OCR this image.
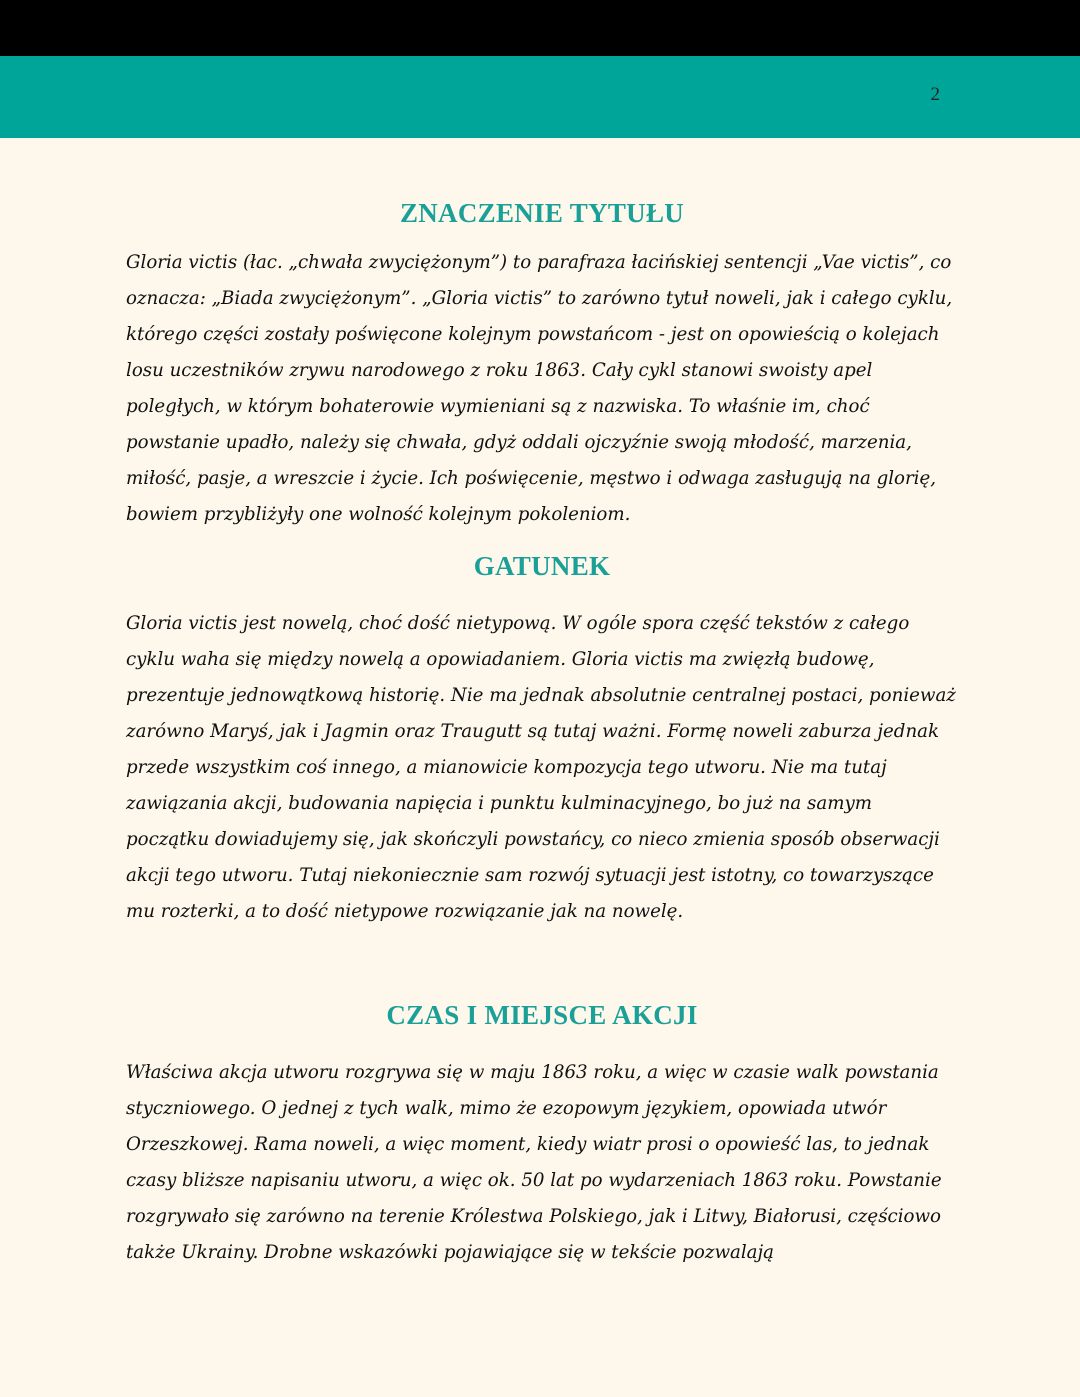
2
ZNACZENIE TYTUŁU

Gloria victis (łac. „chwała zwyciężonym”) to parafraza łacińskiej sentencji „Vae victis”, co oznacza: „Biada zwyciężonym”. „Gloria victis” to zarówno tytuł noweli, jak i całego cyklu, którego części zostały poświęcone kolejnym powstańcom - jest on opowieścią o kolejach losu uczestników zrywu narodowego z roku 1863. Cały cykl stanowi swoisty apel poległych, w którym bohaterowie wymieniani są z nazwiska. To właśnie im, choć powstanie upadło, należy się chwała, gdyż oddali ojczyźnie swoją młodość, marzenia, miłość, pasje, a wreszcie i życie. Ich poświęcenie, męstwo i odwaga zasługują na glorię, bowiem przybliżyły one wolność kolejnym pokoleniom.

GATUNEK

Gloria victis jest nowelą, choć dość nietypową. W ogóle spora część tekstów z całego cyklu waha się między nowelą a opowiadaniem. Gloria victis ma zwięzłą budowę, prezentuje jednowątkową historię. Nie ma jednak absolutnie centralnej postaci, ponieważ zarówno Maryś, jak i Jagmin oraz Traugutt są tutaj ważni. Formę noweli zaburza jednak przede wszystkim coś innego, a mianowicie kompozycja tego utworu. Nie ma tutaj zawiązania akcji, budowania napięcia i punktu kulminacyjnego, bo już na samym początku dowiadujemy się, jak skończyli powstańcy, co nieco zmienia sposób obserwacji akcji tego utworu. Tutaj niekoniecznie sam rozwój sytuacji jest istotny, co towarzyszące mu rozterki, a to dość nietypowe rozwiązanie jak na nowelę.

CZAS I MIEJSCE AKCJI

Właściwa akcja utworu rozgrywa się w maju 1863 roku, a więc w czasie walk powstania styczniowego. O jednej z tych walk, mimo że ezopowym językiem, opowiada utwór Orzeszkowej. Rama noweli, a więc moment, kiedy wiatr prosi o opowieść las, to jednak czasy bliższe napisaniu utworu, a więc ok. 50 lat po wydarzeniach 1863 roku. Powstanie rozgrywało się zarówno na terenie Królestwa Polskiego, jak i Litwy, Białorusi, częściowo także Ukrainy. Drobne wskazówki pojawiające się w tekście pozwalają
